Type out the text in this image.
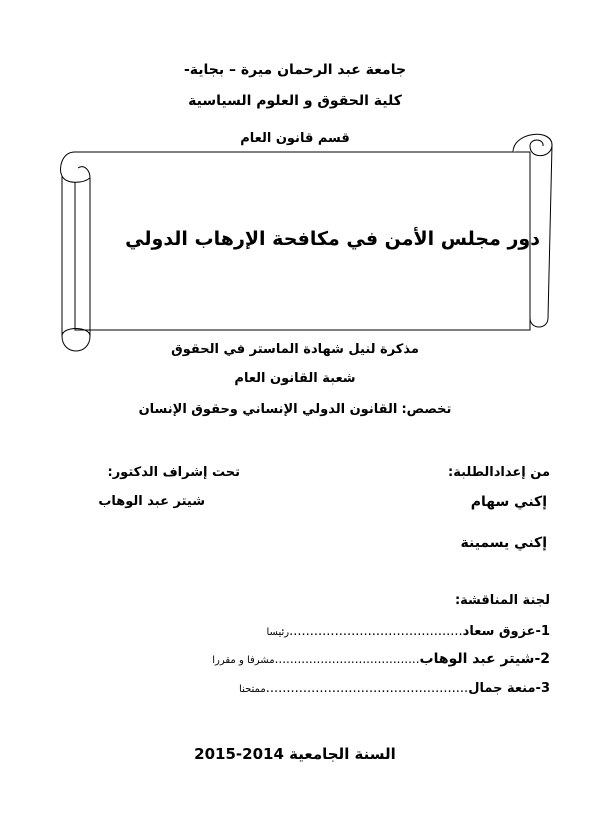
جامعة عبد الرحمان ميرة – بجاية-
كلية الحقوق و العلوم السياسية
قسم قانون العام
دور مجلس الأمن في مكافحة الإرهاب الدولي
مذكرة لنيل شهادة الماستر في الحقوق
شعبة القانون العام
تخصص: القانون الدولي الإنساني وحقوق الإنسان
من إعدادالطلبة:
تحت إشراف الدكتور:
إكني سهام
شيتر عبد الوهاب
إكني يسمينة
لجنة المناقشة:
1-عزوق سعاد..........................................رئيسا
2-شيتر عبد الوهاب......................................مشرفا و مقررا
3-منعة جمال.................................................ممتحنا
السنة الجامعية 2015-2014
